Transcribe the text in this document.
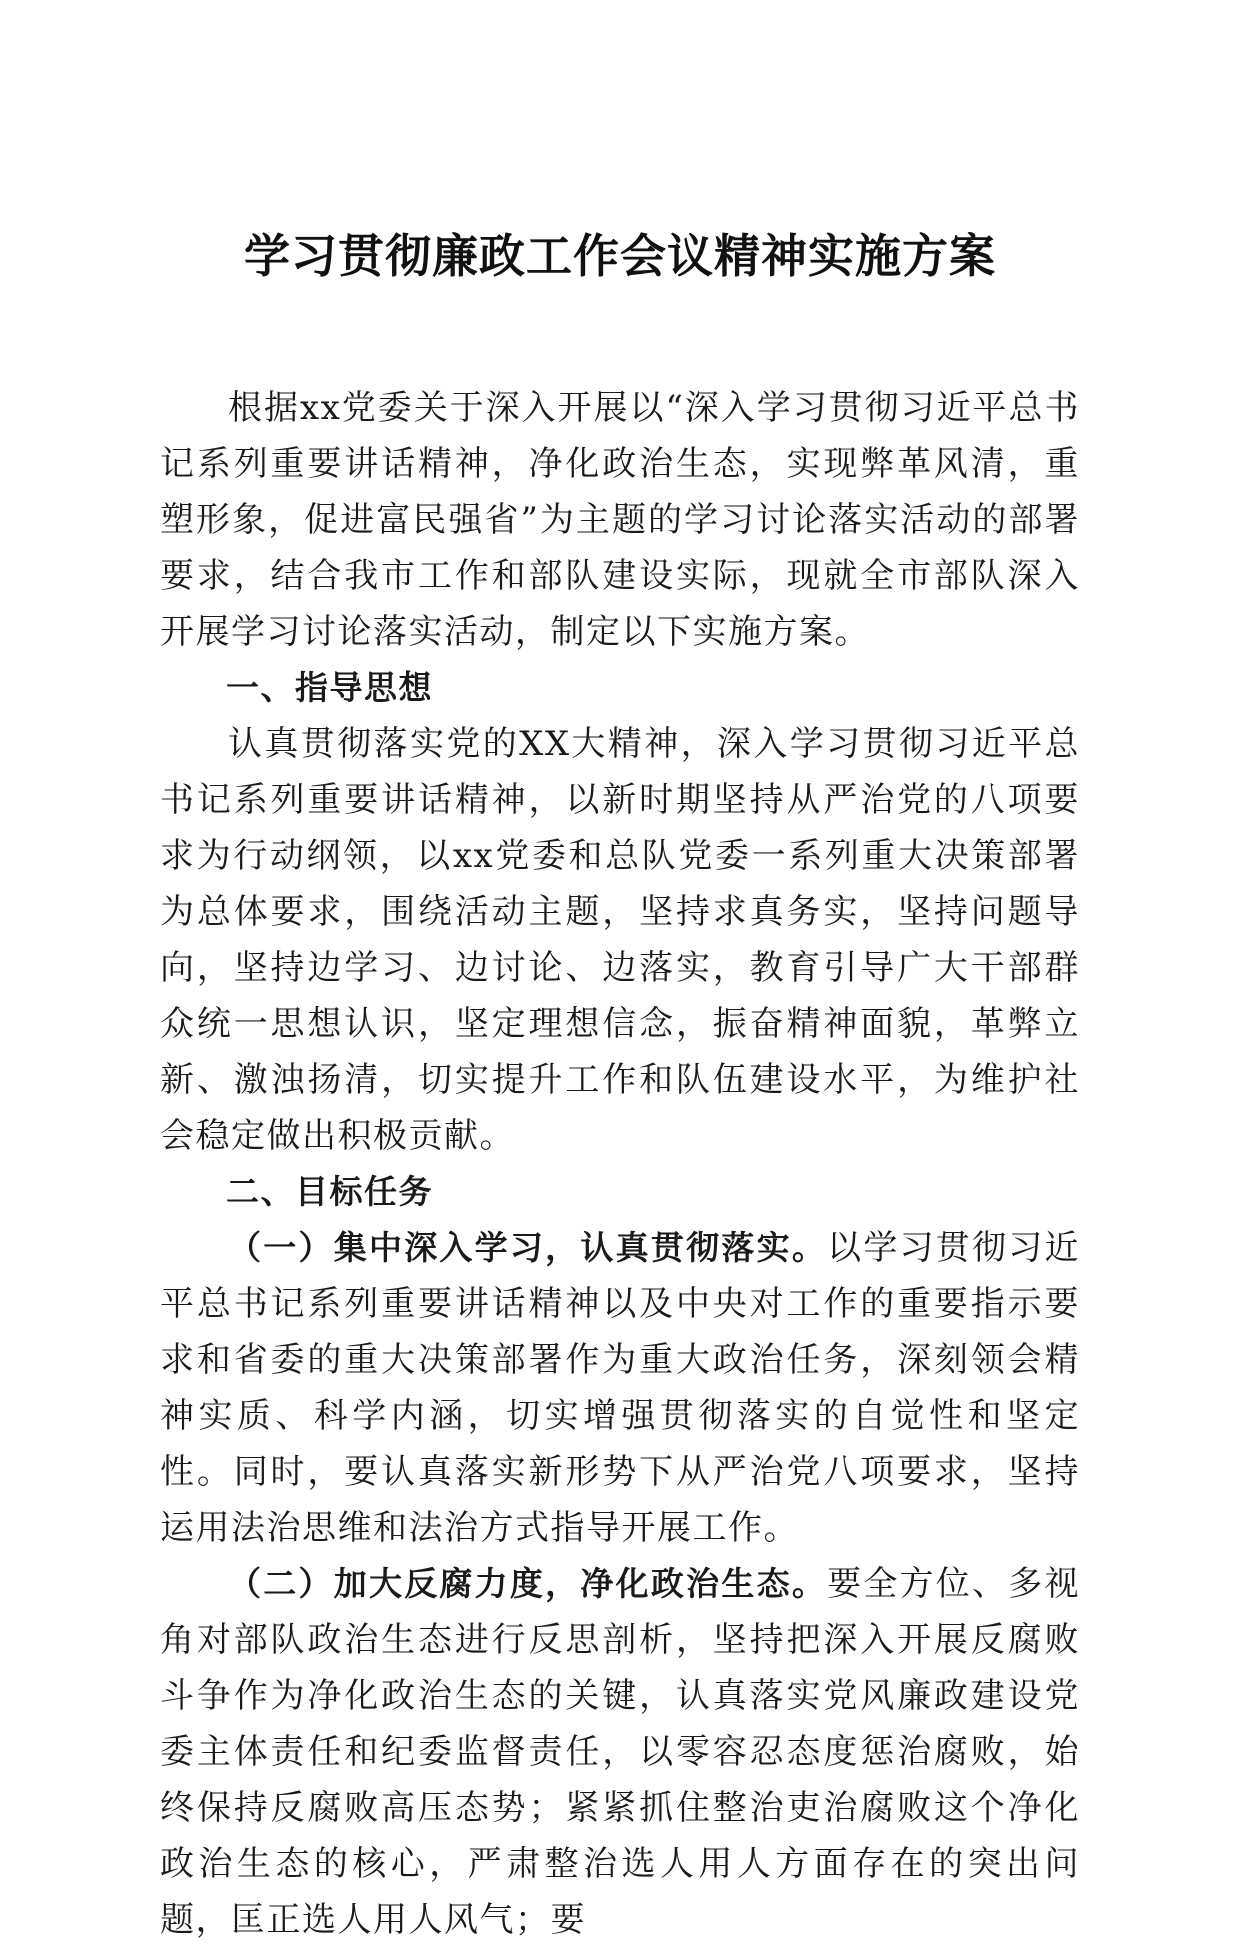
学习贯彻廉政工作会议精神实施方案

根据xx党委关于深入开展以“深入学习贯彻习近平总书记系列重要讲话精神，净化政治生态，实现弊革风清，重塑形象，促进富民强省”为主题的学习讨论落实活动的部署要求，结合我市工作和部队建设实际，现就全市部队深入开展学习讨论落实活动，制定以下实施方案。

一、指导思想

认真贯彻落实党的XX大精神，深入学习贯彻习近平总书记系列重要讲话精神，以新时期坚持从严治党的八项要求为行动纲领，以xx党委和总队党委一系列重大决策部署为总体要求，围绕活动主题，坚持求真务实，坚持问题导向，坚持边学习、边讨论、边落实，教育引导广大干部群众统一思想认识，坚定理想信念，振奋精神面貌，革弊立新、激浊扬清，切实提升工作和队伍建设水平，为维护社会稳定做出积极贡献。

二、目标任务

（一）集中深入学习，认真贯彻落实。以学习贯彻习近平总书记系列重要讲话精神以及中央对工作的重要指示要求和省委的重大决策部署作为重大政治任务，深刻领会精神实质、科学内涵，切实增强贯彻落实的自觉性和坚定性。同时，要认真落实新形势下从严治党八项要求，坚持运用法治思维和法治方式指导开展工作。

（二）加大反腐力度，净化政治生态。要全方位、多视角对部队政治生态进行反思剖析，坚持把深入开展反腐败斗争作为净化政治生态的关键，认真落实党风廉政建设党委主体责任和纪委监督责任，以零容忍态度惩治腐败，始终保持反腐败高压态势；紧紧抓住整治吏治腐败这个净化政治生态的核心，严肃整治选人用人方面存在的突出问题，匡正选人用人风气；要
